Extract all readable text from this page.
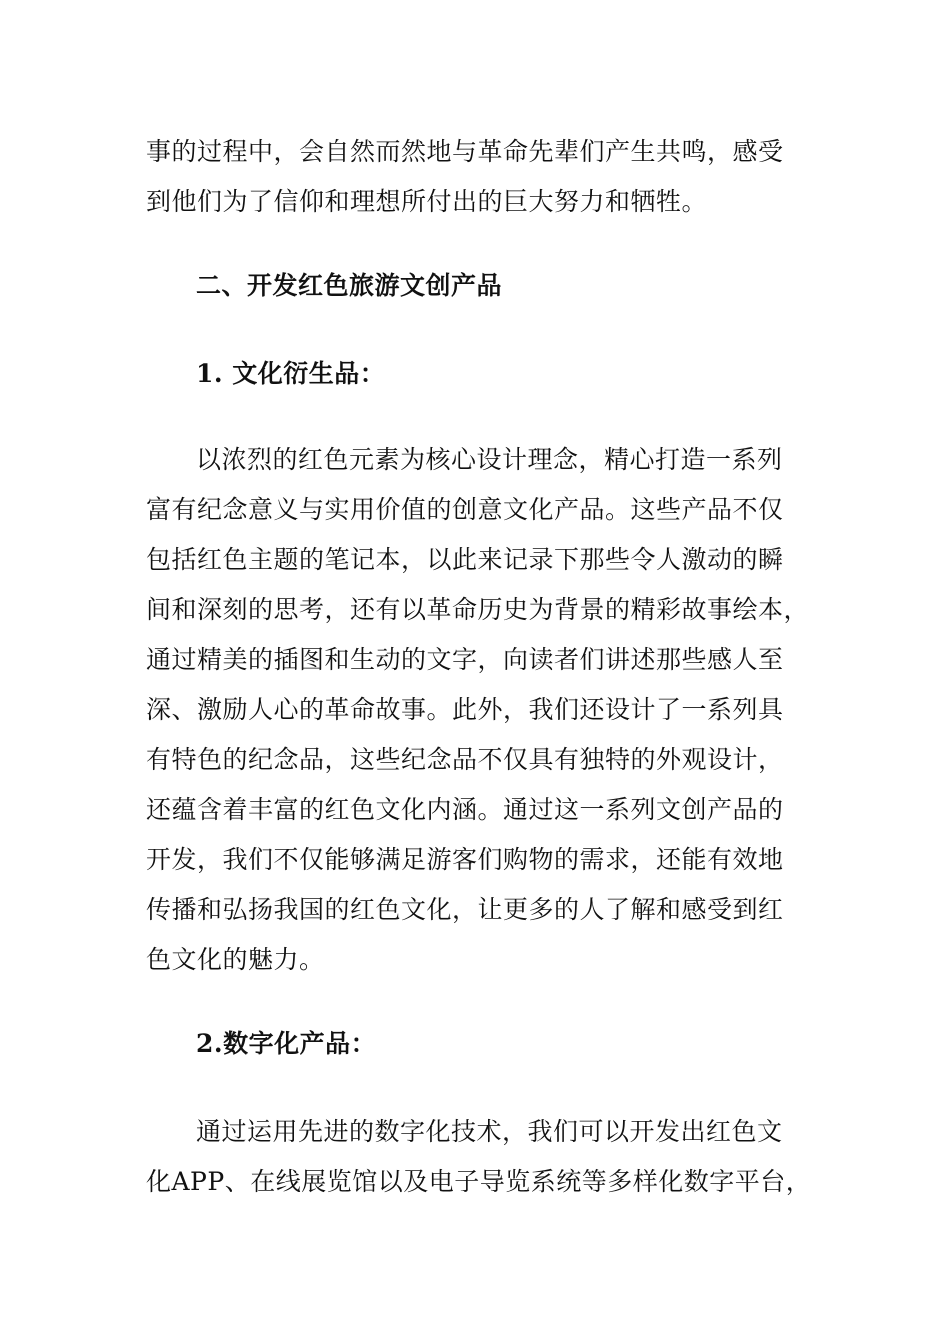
事的过程中，会自然而然地与革命先辈们产生共鸣，感受
到他们为了信仰和理想所付出的巨大努力和牺牲。
二、开发红色旅游文创产品
1. 文化衍生品：
以浓烈的红色元素为核心设计理念，精心打造一系列
富有纪念意义与实用价值的创意文化产品。这些产品不仅
包括红色主题的笔记本，以此来记录下那些令人激动的瞬
间和深刻的思考，还有以革命历史为背景的精彩故事绘本，
通过精美的插图和生动的文字，向读者们讲述那些感人至
深、激励人心的革命故事。此外，我们还设计了一系列具
有特色的纪念品，这些纪念品不仅具有独特的外观设计，
还蕴含着丰富的红色文化内涵。通过这一系列文创产品的
开发，我们不仅能够满足游客们购物的需求，还能有效地
传播和弘扬我国的红色文化，让更多的人了解和感受到红
色文化的魅力。
2.数字化产品：
通过运用先进的数字化技术，我们可以开发出红色文
化APP、在线展览馆以及电子导览系统等多样化数字平台，
